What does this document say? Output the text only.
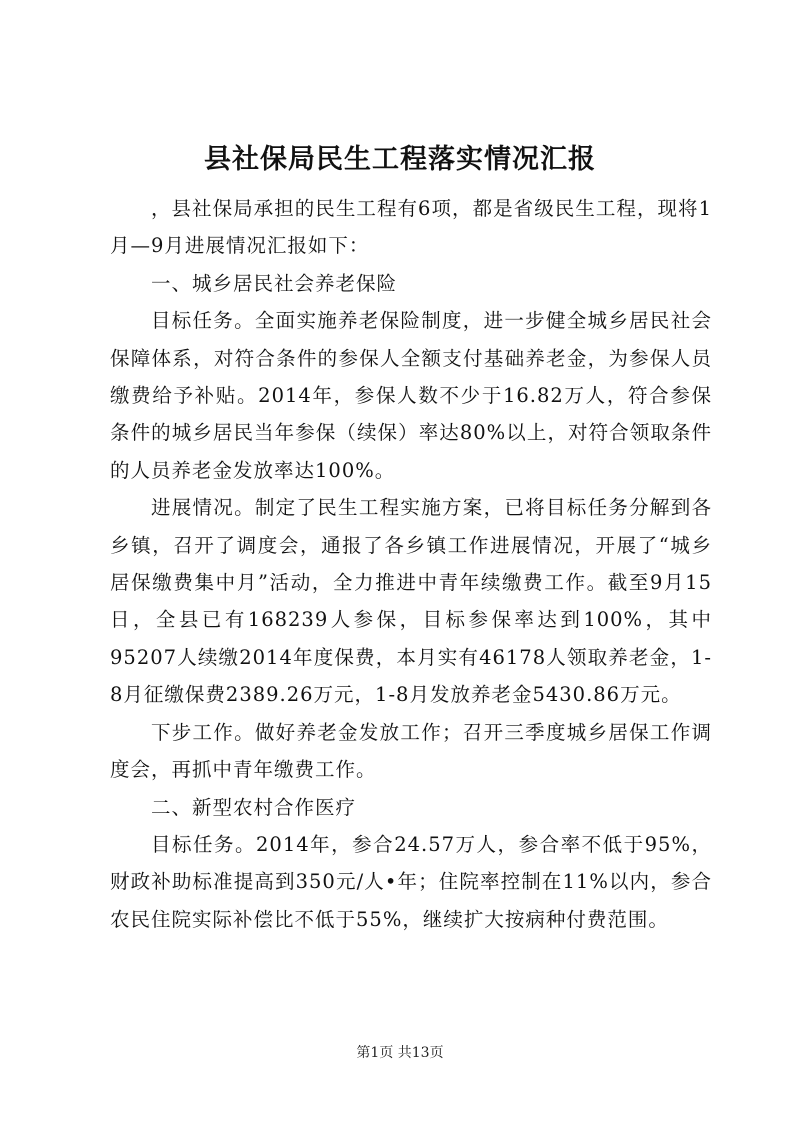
县社保局民生工程落实情况汇报

，县社保局承担的民生工程有6项，都是省级民生工程，现将1月—9月进展情况汇报如下：

一、城乡居民社会养老保险

目标任务。全面实施养老保险制度，进一步健全城乡居民社会保障体系，对符合条件的参保人全额支付基础养老金，为参保人员缴费给予补贴。2014年，参保人数不少于16.82万人，符合参保条件的城乡居民当年参保（续保）率达80%以上，对符合领取条件的人员养老金发放率达100%。

进展情况。制定了民生工程实施方案，已将目标任务分解到各乡镇，召开了调度会，通报了各乡镇工作进展情况，开展了“城乡居保缴费集中月”活动，全力推进中青年续缴费工作。截至9月15日，全县已有168239人参保，目标参保率达到100%，其中95207人续缴2014年度保费，本月实有46178人领取养老金，1-8月征缴保费2389.26万元，1-8月发放养老金5430.86万元。

下步工作。做好养老金发放工作；召开三季度城乡居保工作调度会，再抓中青年缴费工作。

二、新型农村合作医疗

目标任务。2014年，参合24.57万人，参合率不低于95%，财政补助标准提高到350元/人•年；住院率控制在11%以内，参合农民住院实际补偿比不低于55%，继续扩大按病种付费范围。

第1页 共13页
